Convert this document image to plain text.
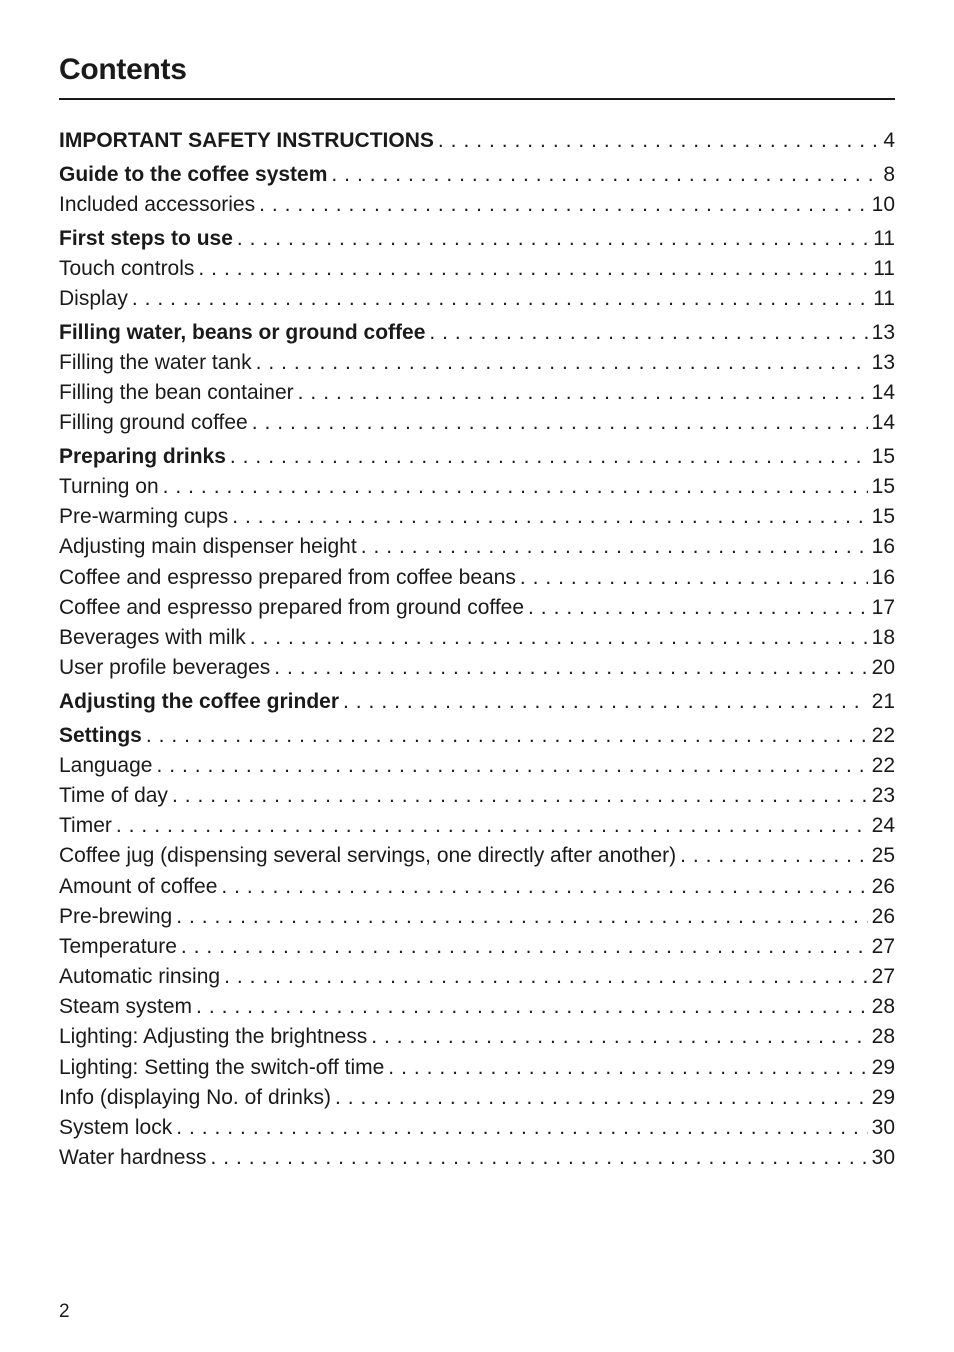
Contents
IMPORTANT SAFETY INSTRUCTIONS . . .	4
Guide to the coffee system . . .	8
Included accessories . . .	10
First steps to use . . .	11
Touch controls . . .	11
Display . . .	11
Filling water, beans or ground coffee . . .	13
Filling the water tank . . .	13
Filling the bean container . . .	14
Filling ground coffee . . .	14
Preparing drinks . . .	15
Turning on . . .	15
Pre-warming cups . . .	15
Adjusting main dispenser height . . .	16
Coffee and espresso prepared from coffee beans . . .	16
Coffee and espresso prepared from ground coffee . . .	17
Beverages with milk . . .	18
User profile beverages . . .	20
Adjusting the coffee grinder . . .	21
Settings . . .	22
Language . . .	22
Time of day . . .	23
Timer . . .	24
Coffee jug (dispensing several servings, one directly after another) . . .	25
Amount of coffee . . .	26
Pre-brewing . . .	26
Temperature . . .	27
Automatic rinsing . . .	27
Steam system . . .	28
Lighting: Adjusting the brightness . . .	28
Lighting: Setting the switch-off time . . .	29
Info (displaying No. of drinks) . . .	29
System lock . . .	30
Water hardness . . .	30
2
